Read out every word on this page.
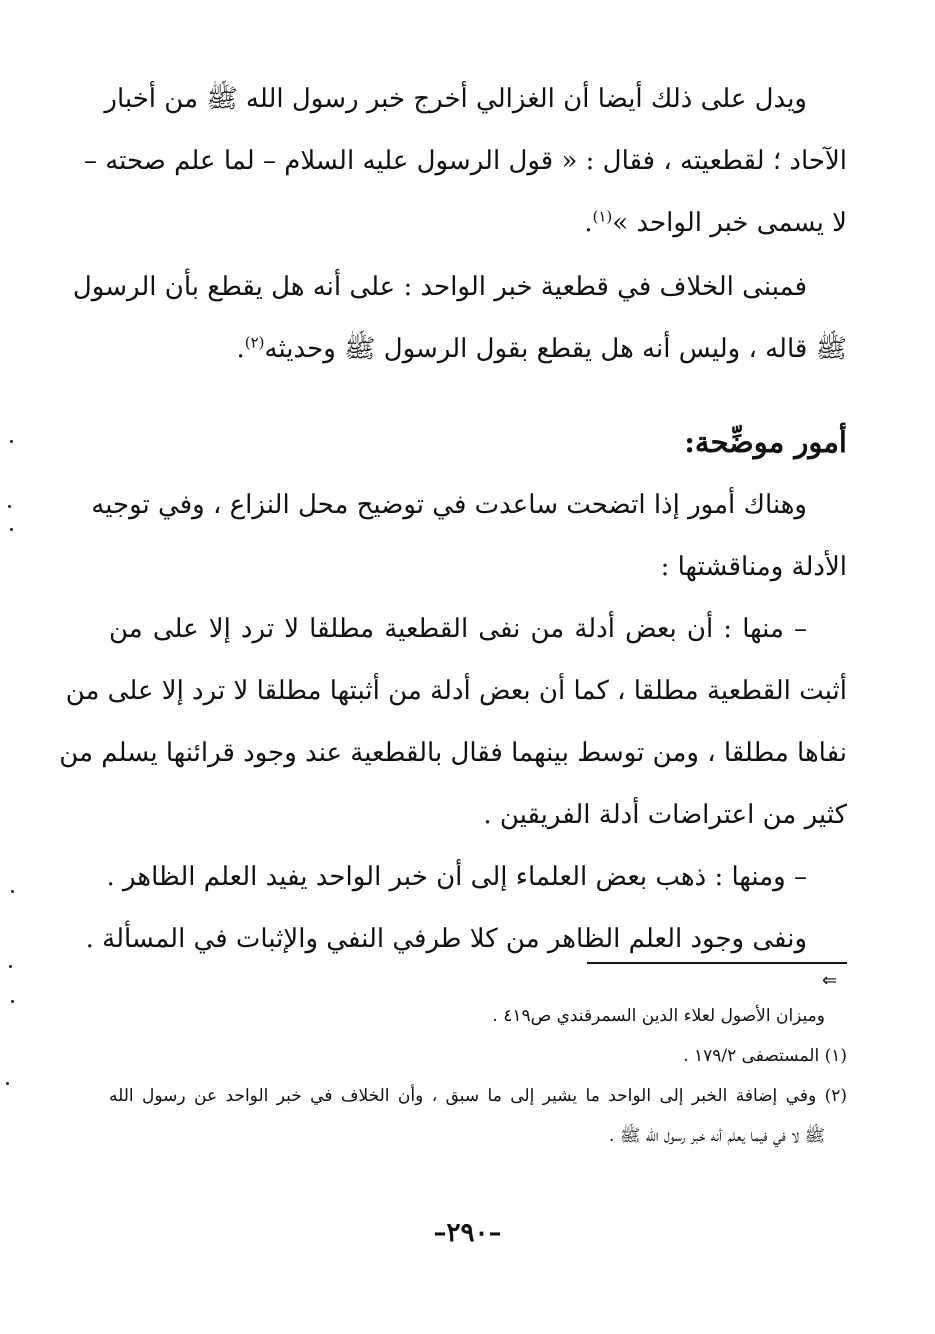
ويدل على ذلك أيضا أن الغزالي أخرج خبر رسول الله ﷺ من أخبار
الآحاد ؛ لقطعيته ، فقال : « قول الرسول عليه السلام – لما علم صحته –
لا يسمى خبر الواحد »$^{(١)}$.
فمبنى الخلاف في قطعية خبر الواحد : على أنه هل يقطع بأن الرسول
ﷺ قاله ، وليس أنه هل يقطع بقول الرسول ﷺ وحديثه$^{(٢)}$.
أمور موضِّحة:
وهناك أمور إذا اتضحت ساعدت في توضيح محل النزاع ، وفي توجيه
الأدلة ومناقشتها :
– منها : أن بعض أدلة من نفى القطعية مطلقا لا ترد إلا على من
أثبت القطعية مطلقا ، كما أن بعض أدلة من أثبتها مطلقا لا ترد إلا على من
نفاها مطلقا ، ومن توسط بينهما فقال بالقطعية عند وجود قرائنها يسلم من
كثير من اعتراضات أدلة الفريقين .
– ومنها : ذهب بعض العلماء إلى أن خبر الواحد يفيد العلم الظاهر .
ونفى وجود العلم الظاهر من كلا طرفي النفي والإثبات في المسألة .
⇐
وميزان الأصول لعلاء الدين السمرقندي ص٤١٩ .
(١) المستصفى ١٧٩/٢ .
(٢) وفي إضافة الخبر إلى الواحد ما يشير إلى ما سبق ، وأن الخلاف في خبر الواحد عن رسول الله
ﷺ لا في فيما يعلم أنه خبر رسول الله ﷺ .
–٢٩٠–
